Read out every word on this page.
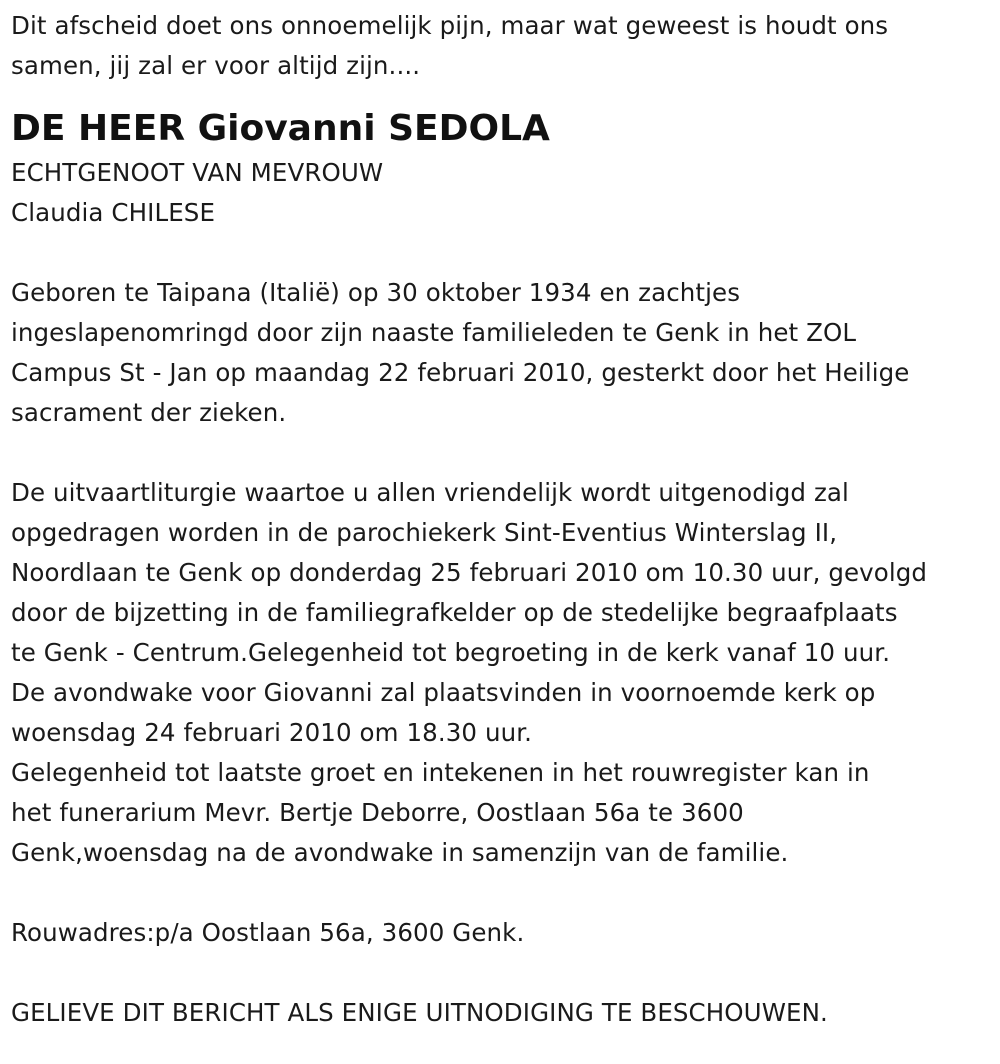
Dit afscheid doet ons onnoemelijk pijn, maar wat geweest is houdt ons
samen, jij zal er voor altijd zijn....
DE HEER Giovanni SEDOLA
ECHTGENOOT VAN MEVROUW
Claudia CHILESE
Geboren te Taipana (Italië) op 30 oktober 1934 en zachtjes
ingeslapenomringd door zijn naaste familieleden te Genk in het ZOL
Campus St - Jan op maandag 22 februari 2010, gesterkt door het Heilige
sacrament der zieken.
De uitvaartliturgie waartoe u allen vriendelijk wordt uitgenodigd zal
opgedragen worden in de parochiekerk Sint-Eventius Winterslag II,
Noordlaan te Genk op donderdag 25 februari 2010 om 10.30 uur, gevolgd
door de bijzetting in de familiegrafkelder op de stedelijke begraafplaats
te Genk - Centrum.Gelegenheid tot begroeting in de kerk vanaf 10 uur.
De avondwake voor Giovanni zal plaatsvinden in voornoemde kerk op
woensdag 24 februari 2010 om 18.30 uur.
Gelegenheid tot laatste groet en intekenen in het rouwregister kan in
het funerarium Mevr. Bertje Deborre, Oostlaan 56a te 3600
Genk,woensdag na de avondwake in samenzijn van de familie.
Rouwadres:p/a Oostlaan 56a, 3600 Genk.
GELIEVE DIT BERICHT ALS ENIGE UITNODIGING TE BESCHOUWEN.
